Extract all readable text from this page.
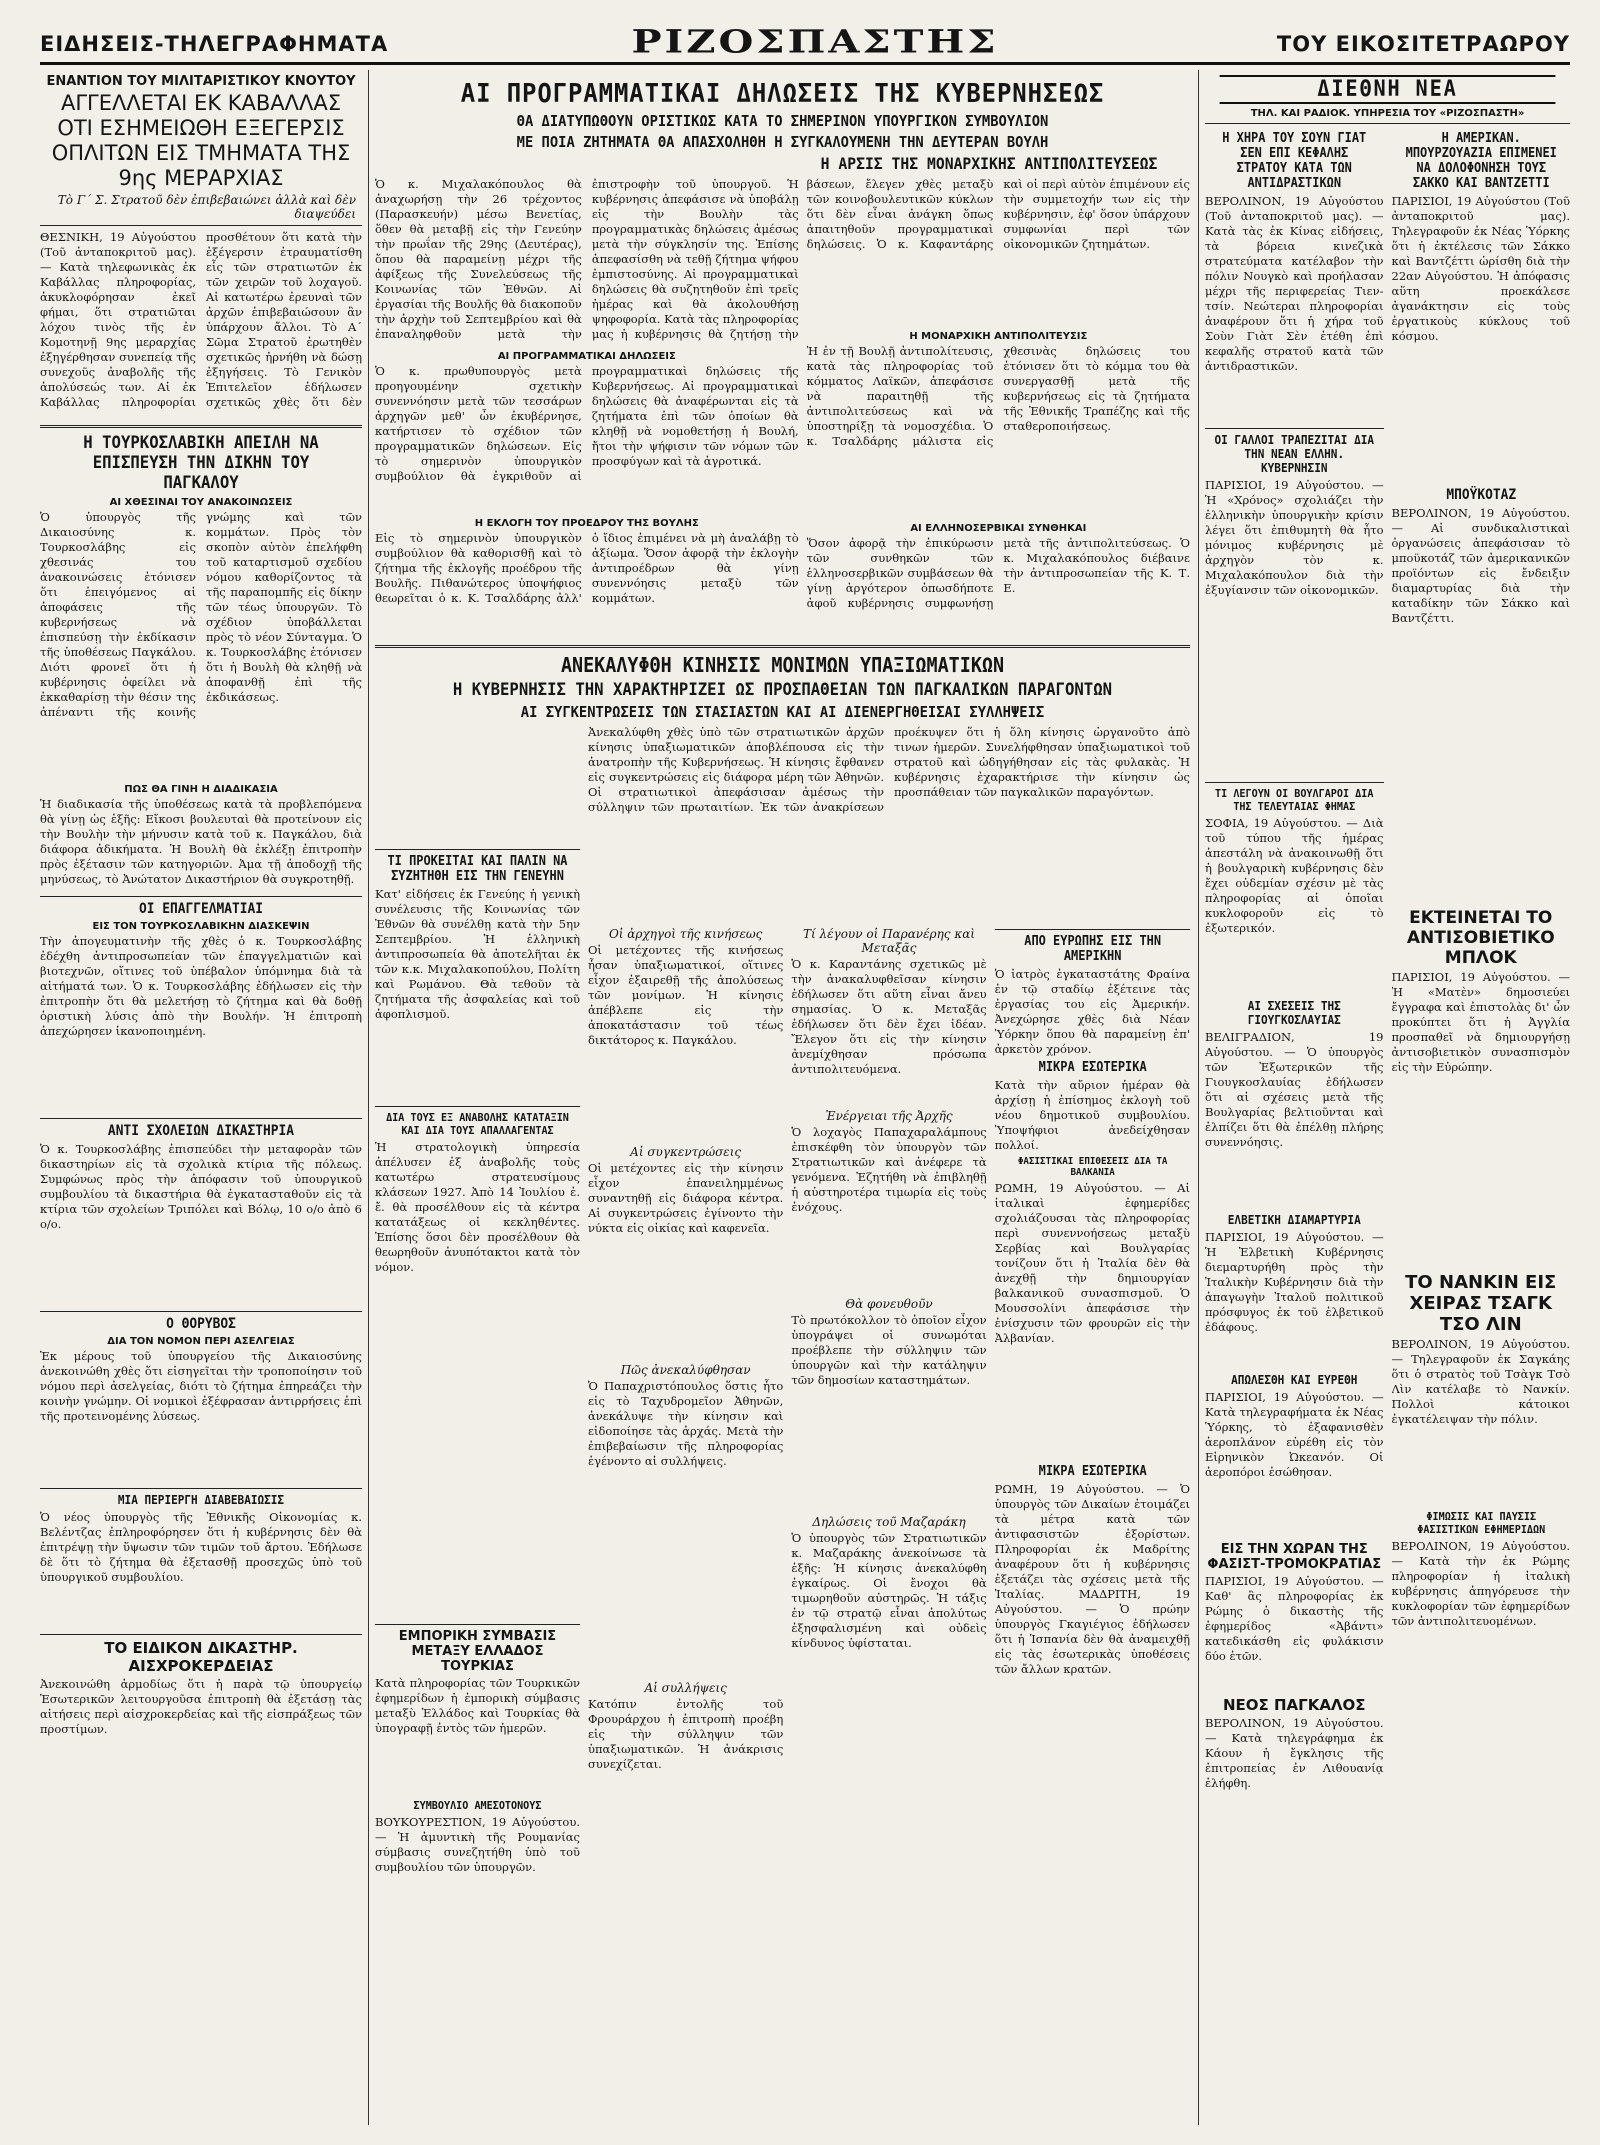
ΕΙΔΗΣΕΙΣ-ΤΗΛΕΓΡΑΦΗΜΑΤΑ	ΡΙΖΟΣΠΑΣΤΗΣ	ΤΟΥ ΕΙΚΟΣΙΤΕΤΡΑΩΡΟΥ
ΕΝΑΝΤΙΟΝ ΤΟΥ ΜΙΛΙΤΑΡΙΣΤΙΚΟΥ ΚΝΟΥΤΟΥ
ΑΓΓΕΛΛΕΤΑΙ ΕΚ ΚΑΒΑΛΛΑΣ ΟΤΙ ΕΣΗΜΕΙΩΘΗ ΕΞΕΓΕΡΣΙΣ ΟΠΛΙΤΩΝ ΕΙΣ ΤΜΗΜΑΤΑ ΤΗΣ 9ης ΜΕΡΑΡΧΙΑΣ
Τὸ Γ΄ Σ. Στρατοῦ δὲν ἐπιβεβαιώνει ἀλλὰ καὶ δὲν διαψεύδει

ΘΕΣΝΙΚΗ, 19 Αὐγούστου (Τοῦ ἀνταποκριτοῦ μας). — Κατὰ τηλεφωνικὰς ἐκ Καβάλλας πληροφορίας, ἀκυκλοφόρησαν ἐκεῖ φήμαι, ὅτι στρατιῶται λόχου τινὸς τῆς ἐν Κομοτηνῇ 9ης μεραρχίας ἐξηγέρθησαν συνεπείᾳ τῆς συνεχοῦς ἀναβολῆς τῆς ἀπολύσεώς των. Αἱ ἐκ Καβάλλας πληροφορίαι προσθέτουν ὅτι κατὰ τὴν ἐξέγερσιν ἐτραυματίσθη εἷς τῶν στρατιωτῶν ἐκ τῶν χειρῶν τοῦ λοχαγοῦ. Αἱ κατωτέρω ἐρευναὶ τῶν ἀρχῶν ἐπιβεβαιώσουν ἂν ὑπάρχουν ἄλλοι. Τὸ Α΄ Σῶμα Στρατοῦ ἐρωτηθὲν σχετικῶς ἠρνήθη νὰ δώσῃ ἐξηγήσεις. Τὸ Γενικὸν Ἐπιτελεῖον ἐδήλωσεν σχετικῶς χθὲς ὅτι δὲν

Η ΤΟΥΡΚΟΣΛΑΒΙΚΗ ΑΠΕΙΛΗ ΝΑ ΕΠΙΣΠΕΥΣΗ ΤΗΝ ΔΙΚΗΝ ΤΟΥ ΠΑΓΚΑΛΟΥ
ΑΙ ΧΘΕΣΙΝΑΙ ΤΟΥ ΑΝΑΚΟΙΝΩΣΕΙΣ

Ὁ ὑπουργὸς τῆς Δικαιοσύνης κ. Τουρκοσλάβης εἰς χθεσινάς του ἀνακοινώσεις ἐτόνισεν ὅτι ἐπειγόμενος αἱ ἀποφάσεις τῆς κυβερνήσεως νὰ ἐπισπεύσῃ τὴν ἐκδίκασιν τῆς ὑποθέσεως Παγκάλου. Διότι φρονεῖ ὅτι ἡ κυβέρνησις ὀφείλει νὰ ἐκκαθαρίσῃ τὴν θέσιν της ἀπέναντι τῆς κοινῆς γνώμης καὶ τῶν κομμάτων. Πρὸς τὸν σκοπὸν αὐτὸν ἐπελήφθη τοῦ καταρτισμοῦ σχεδίου νόμου καθορίζοντος τὰ τῆς παραπομπῆς εἰς δίκην τῶν τέως ὑπουργῶν. Τὸ σχέδιον ὑποβάλλεται πρὸς τὸ νέον Σύνταγμα. Ὁ κ. Τουρκοσλάβης ἐτόνισεν ὅτι ἡ Βουλὴ θὰ κληθῇ νὰ ἀποφανθῇ ἐπὶ τῆς ἐκδικάσεως.

ΠΩΣ ΘΑ ΓΙΝΗ Η ΔΙΑΔΙΚΑΣΙΑ

Ἡ διαδικασία τῆς ὑποθέσεως κατὰ τὰ προβλεπόμενα θὰ γίνῃ ὡς ἑξῆς: Εἴκοσι βουλευταὶ θὰ προτείνουν εἰς τὴν Βουλὴν τὴν μήνυσιν κατὰ τοῦ κ. Παγκάλου, διὰ διάφορα ἀδικήματα. Ἡ Βουλὴ θὰ ἐκλέξῃ ἐπιτροπὴν πρὸς ἐξέτασιν τῶν κατηγοριῶν. Ἀμα τῇ ἀποδοχῇ τῆς μηνύσεως, τὸ Ἀνώτατον Δικαστήριον θὰ συγκροτηθῇ.

ΟΙ ΕΠΑΓΓΕΛΜΑΤΙΑΙ
ΕΙΣ ΤΟΝ ΤΟΥΡΚΟΣΛΑΒΙΚΗΝ ΔΙΑΣΚΕΨΙΝ

Τὴν ἀπογευματινὴν τῆς χθὲς ὁ κ. Τουρκοσλάβης ἐδέχθη ἀντιπροσωπείαν τῶν ἐπαγγελματιῶν καὶ βιοτεχνῶν, οἵτινες τοῦ ὑπέβαλον ὑπόμνημα διὰ τὰ αἰτήματά των. Ὁ κ. Τουρκοσλάβης ἐδήλωσεν εἰς τὴν ἐπιτροπὴν ὅτι θὰ μελετήσῃ τὸ ζήτημα καὶ θὰ δοθῇ ὁριστικὴ λύσις ἀπὸ τὴν Βουλήν. Ἡ ἐπιτροπὴ ἀπεχώρησεν ἱκανοποιημένη.

ΑΝΤΙ ΣΧΟΛΕΙΩΝ ΔΙΚΑΣΤΗΡΙΑ

Ὁ κ. Τουρκοσλάβης ἐπισπεύδει τὴν μεταφορὰν τῶν δικαστηρίων εἰς τὰ σχολικὰ κτίρια τῆς πόλεως. Συμφώνως πρὸς τὴν ἀπόφασιν τοῦ ὑπουργικοῦ συμβουλίου τὰ δικαστήρια θὰ ἐγκατασταθοῦν εἰς τὰ κτίρια τῶν σχολείων Τριπόλει καὶ Βόλῳ, 10 ο/ο ἀπὸ 6 ο/ο.

Ο ΘΟΡΥΒΟΣ
ΔΙΑ ΤΟΝ ΝΟΜΟΝ ΠΕΡΙ ΑΣΕΛΓΕΙΑΣ

Ἐκ μέρους τοῦ ὑπουργείου τῆς Δικαιοσύνης ἀνεκοινώθη χθὲς ὅτι εἰσηγεῖται τὴν τροποποίησιν τοῦ νόμου περὶ ἀσελγείας, διότι τὸ ζήτημα ἐπηρεάζει τὴν κοινὴν γνώμην. Οἱ νομικοὶ ἐξέφρασαν ἀντιρρήσεις ἐπὶ τῆς προτεινομένης λύσεως.

ΜΙΑ ΠΕΡΙΕΡΓΗ ΔΙΑΒΕΒΑΙΩΣΙΣ

Ὁ νέος ὑπουργὸς τῆς Ἐθνικῆς Οἰκονομίας κ. Βελέντζας ἐπληροφόρησεν ὅτι ἡ κυβέρνησις δὲν θὰ ἐπιτρέψῃ τὴν ὕψωσιν τῶν τιμῶν τοῦ ἄρτου. Ἐδήλωσε δὲ ὅτι τὸ ζήτημα θὰ ἐξετασθῇ προσεχῶς ὑπὸ τοῦ ὑπουργικοῦ συμβουλίου.

ΤΟ ΕΙΔΙΚΟΝ ΔΙΚΑΣΤΗΡ. ΑΙΣΧΡΟΚΕΡΔΕΙΑΣ

Ἀνεκοινώθη ἁρμοδίως ὅτι ἡ παρὰ τῷ ὑπουργείῳ Ἐσωτερικῶν λειτουργοῦσα ἐπιτροπὴ θὰ ἐξετάσῃ τὰς αἰτήσεις περὶ αἰσχροκερδείας καὶ τῆς εἰσπράξεως τῶν προστίμων.

ΑΙ ΠΡΟΓΡΑΜΜΑΤΙΚΑΙ ΔΗΛΩΣΕΙΣ ΤΗΣ ΚΥΒΕΡΝΗΣΕΩΣ
ΘΑ ΔΙΑΤΥΠΩΘΟΥΝ ΟΡΙΣΤΙΚΩΣ ΚΑΤΑ ΤΟ ΣΗΜΕΡΙΝΟΝ ΥΠΟΥΡΓΙΚΟΝ ΣΥΜΒΟΥΛΙΟΝ
ΜΕ ΠΟΙΑ ΖΗΤΗΜΑΤΑ ΘΑ ΑΠΑΣΧΟΛΗΘΗ Η ΣΥΓΚΑΛΟΥΜΕΝΗ ΤΗΝ ΔΕΥΤΕΡΑΝ ΒΟΥΛΗ
Η ΑΡΣΙΣ ΤΗΣ ΜΟΝΑΡΧΙΚΗΣ ΑΝΤΙΠΟΛΙΤΕΥΣΕΩΣ

Ὁ κ. Μιχαλακόπουλος θὰ ἀναχωρήσῃ τὴν 26 τρέχοντος (Παρασκευήν) μέσω Βενετίας, ὅθεν θὰ μεταβῇ εἰς τὴν Γενεύην τὴν πρωΐαν τῆς 29ης (Δευτέρας), ὅπου θὰ παραμείνῃ μέχρι τῆς ἀφίξεως τῆς Συνελεύσεως τῆς Κοινωνίας τῶν Ἐθνῶν. Αἱ ἐργασίαι τῆς Βουλῆς θὰ διακοποῦν τὴν ἀρχὴν τοῦ Σεπτεμβρίου καὶ θὰ ἐπαναληφθοῦν μετὰ τὴν ἐπιστροφὴν τοῦ ὑπουργοῦ. Ἡ κυβέρνησις ἀπεφάσισε νὰ ὑποβάλῃ εἰς τὴν Βουλὴν τὰς προγραμματικὰς δηλώσεις ἀμέσως μετὰ τὴν σύγκλησίν της. Ἐπίσης ἀπεφασίσθη νὰ τεθῇ ζήτημα ψήφου ἐμπιστοσύνης. Αἱ προγραμματικαὶ δηλώσεις θὰ συζητηθοῦν ἐπὶ τρεῖς ἡμέρας καὶ θὰ ἀκολουθήσῃ ψηφοφορία. Κατὰ τὰς πληροφορίας μας ἡ κυβέρνησις θὰ ζητήσῃ τὴν

ΑΙ ΠΡΟΓΡΑΜΜΑΤΙΚΑΙ ΔΗΛΩΣΕΙΣ

Ὁ κ. πρωθυπουργὸς μετὰ προηγουμένην σχετικὴν συνεννόησιν μετὰ τῶν τεσσάρων ἀρχηγῶν μεθ' ὧν ἐκυβέρνησε, κατήρτισεν τὸ σχέδιον τῶν προγραμματικῶν δηλώσεων. Εἰς τὸ σημερινὸν ὑπουργικὸν συμβούλιον θὰ ἐγκριθοῦν αἱ προγραμματικαὶ δηλώσεις τῆς Κυβερνήσεως. Αἱ προγραμματικαὶ δηλώσεις θὰ ἀναφέρωνται εἰς τὰ ζητήματα ἐπὶ τῶν ὁποίων θὰ κληθῇ νὰ νομοθετήσῃ ἡ Βουλή, ἤτοι τὴν ψήφισιν τῶν νόμων τῶν προσφύγων καὶ τὰ ἀγροτικά.

Η ΕΚΛΟΓΗ ΤΟΥ ΠΡΟΕΔΡΟΥ ΤΗΣ ΒΟΥΛΗΣ

Εἰς τὸ σημερινὸν ὑπουργικὸν συμβούλιον θὰ καθορισθῇ καὶ τὸ ζήτημα τῆς ἐκλογῆς προέδρου τῆς Βουλῆς. Πιθανώτερος ὑποψήφιος θεωρεῖται ὁ κ. Κ. Τσαλδάρης ἀλλ' ὁ ἴδιος ἐπιμένει νὰ μὴ ἀναλάβῃ τὸ ἀξίωμα. Ὅσον ἀφορᾷ τὴν ἐκλογὴν ἀντιπροέδρων θὰ γίνῃ συνεννόησις μεταξὺ τῶν κομμάτων.

βάσεων, ἔλεγεν χθὲς μεταξὺ τῶν κοινοβουλευτικῶν κύκλων ὅτι δὲν εἶναι ἀνάγκη ὅπως ἀπαιτηθοῦν προγραμματικαὶ δηλώσεις. Ὁ κ. Καφαντάρης καὶ οἱ περὶ αὐτὸν ἐπιμένουν εἰς τὴν συμμετοχήν των εἰς τὴν κυβέρνησιν, ἐφ' ὅσον ὑπάρχουν συμφωνίαι περὶ τῶν οἰκονομικῶν ζητημάτων.

Η ΜΟΝΑΡΧΙΚΗ ΑΝΤΙΠΟΛΙΤΕΥΣΙΣ

Ἡ ἐν τῇ Βουλῇ ἀντιπολίτευσις, κατὰ τὰς πληροφορίας τοῦ κόμματος Λαϊκῶν, ἀπεφάσισε νὰ παραιτηθῇ τῆς ἀντιπολιτεύσεως καὶ νὰ ὑποστηρίξῃ τὰ νομοσχέδια. Ὁ κ. Τσαλδάρης μάλιστα εἰς χθεσινὰς δηλώσεις του ἐτόνισεν ὅτι τὸ κόμμα του θὰ συνεργασθῇ μετὰ τῆς κυβερνήσεως εἰς τὰ ζητήματα τῆς Ἐθνικῆς Τραπέζης καὶ τῆς σταθεροποιήσεως.

ΑΙ ΕΛΛΗΝΟΣΕΡΒΙΚΑΙ ΣΥΝΘΗΚΑΙ

Ὅσον ἀφορᾷ τὴν ἐπικύρωσιν τῶν συνθηκῶν τῶν ἑλληνοσερβικῶν συμβάσεων θὰ γίνῃ ἀργότερον ὁπωσδήποτε ἀφοῦ κυβέρνησις συμφωνήσῃ μετὰ τῆς ἀντιπολιτεύσεως. Ὁ κ. Μιχαλακόπουλος διέβαινε τὴν ἀντιπροσωπείαν τῆς Κ. Τ. Ε.

ΑΝΕΚΑΛΥΦΘΗ ΚΙΝΗΣΙΣ ΜΟΝΙΜΩΝ ΥΠΑΞΙΩΜΑΤΙΚΩΝ
Η ΚΥΒΕΡΝΗΣΙΣ ΤΗΝ ΧΑΡΑΚΤΗΡΙΖΕΙ ΩΣ ΠΡΟΣΠΑΘΕΙΑΝ ΤΩΝ ΠΑΓΚΑΛΙΚΩΝ ΠΑΡΑΓΟΝΤΩΝ
ΑΙ ΣΥΓΚΕΝΤΡΩΣΕΙΣ ΤΩΝ ΣΤΑΣΙΑΣΤΩΝ ΚΑΙ ΑΙ ΔΙΕΝΕΡΓΗΘΕΙΣΑΙ ΣΥΛΛΗΨΕΙΣ

ΤΙ ΠΡΟΚΕΙΤΑΙ ΚΑΙ ΠΑΛΙΝ ΝΑ ΣΥΖΗΤΗΘΗ ΕΙΣ ΤΗΝ ΓΕΝΕΥΗΝ

Κατ' εἰδήσεις ἐκ Γενεύης ἡ γενικὴ συνέλευσις τῆς Κοινωνίας τῶν Ἐθνῶν θὰ συνέλθῃ κατὰ τὴν 5ην Σεπτεμβρίου. Ἡ ἑλληνικὴ ἀντιπροσωπεία θὰ ἀποτελῆται ἐκ τῶν κ.κ. Μιχαλακοπούλου, Πολίτη καὶ Ρωμάνου. Θὰ τεθοῦν τὰ ζητήματα τῆς ἀσφαλείας καὶ τοῦ ἀφοπλισμοῦ.

ΔΙΑ ΤΟΥΣ ΕΞ ΑΝΑΒΟΛΗΣ ΚΑΤΑΤΑΞΙΝ ΚΑΙ ΔΙΑ ΤΟΥΣ ΑΠΑΛΛΑΓΕΝΤΑΣ

Ἡ στρατολογικὴ ὑπηρεσία ἀπέλυσεν ἐξ ἀναβολῆς τοὺς κατωτέρω στρατευσίμους κλάσεων 1927. Ἀπὸ 14 Ἰουλίου ἐ. ἔ. θὰ προσέλθουν εἰς τὰ κέντρα κατατάξεως οἱ κεκληθέντες. Ἐπίσης ὅσοι δὲν προσέλθουν θὰ θεωρηθοῦν ἀνυπότακτοι κατὰ τὸν νόμον.

ΕΜΠΟΡΙΚΗ ΣΥΜΒΑΣΙΣ ΜΕΤΑΞΥ ΕΛΛΑΔΟΣ ΤΟΥΡΚΙΑΣ

Κατὰ πληροφορίας τῶν Τουρκικῶν ἐφημερίδων ἡ ἐμπορικὴ σύμβασις μεταξὺ Ἑλλάδος καὶ Τουρκίας θὰ ὑπογραφῇ ἐντὸς τῶν ἡμερῶν.

ΣΥΜΒΟΥΛΙΟ ΑΜΕΣΟΤΟΝΟΥΣ

ΒΟΥΚΟΥΡΕΣΤΙΟΝ, 19 Αὐγούστου. — Ἡ ἀμυντικὴ τῆς Ρουμανίας σύμβασις συνεζητήθη ὑπὸ τοῦ συμβουλίου τῶν ὑπουργῶν.

Ἀνεκαλύφθη χθὲς ὑπὸ τῶν στρατιωτικῶν ἀρχῶν κίνησις ὑπαξιωματικῶν ἀποβλέπουσα εἰς τὴν ἀνατροπὴν τῆς Κυβερνήσεως. Ἡ κίνησις ἔφθανεν εἰς συγκεντρώσεις εἰς διάφορα μέρη τῶν Ἀθηνῶν. Οἱ στρατιωτικοὶ ἀπεφάσισαν ἀμέσως τὴν σύλληψιν τῶν πρωταιτίων. Ἐκ τῶν ἀνακρίσεων προέκυψεν ὅτι ἡ ὅλη κίνησις ὠργανοῦτο ἀπὸ τινων ἡμερῶν. Συνελήφθησαν ὑπαξιωματικοὶ τοῦ στρατοῦ καὶ ὡδηγήθησαν εἰς τὰς φυλακὰς. Ἡ κυβέρνησις ἐχαρακτήρισε τὴν κίνησιν ὡς προσπάθειαν τῶν παγκαλικῶν παραγόντων.

Οἱ ἀρχηγοὶ τῆς κινήσεως

Οἱ μετέχοντες τῆς κινήσεως ἦσαν ὑπαξιωματικοί, οἵτινες εἶχον ἐξαιρεθῇ τῆς ἀπολύσεως τῶν μονίμων. Ἡ κίνησις ἀπέβλεπε εἰς τὴν ἀποκατάστασιν τοῦ τέως δικτάτορος κ. Παγκάλου.

Αἱ συγκεντρώσεις

Οἱ μετέχοντες εἰς τὴν κίνησιν εἶχον ἐπανειλημμένως συναντηθῇ εἰς διάφορα κέντρα. Αἱ συγκεντρώσεις ἐγίνοντο τὴν νύκτα εἰς οἰκίας καὶ καφενεῖα.

Πῶς ἀνεκαλύφθησαν

Ὁ Παπαχριστόπουλος ὅστις ἦτο εἰς τὸ Ταχυδρομεῖον Ἀθηνῶν, ἀνεκάλυψε τὴν κίνησιν καὶ εἰδοποίησε τὰς ἀρχάς. Μετὰ τὴν ἐπιβεβαίωσιν τῆς πληροφορίας ἐγένοντο αἱ συλλήψεις.

Αἱ συλλήψεις

Κατόπιν ἐντολῆς τοῦ Φρουράρχου ἡ ἐπιτροπὴ προέβη εἰς τὴν σύλληψιν τῶν ὑπαξιωματικῶν. Ἡ ἀνάκρισις συνεχίζεται.

Τί λέγουν οἱ Παρανέρης καὶ Μεταξᾶς

Ὁ κ. Καραντάνης σχετικῶς μὲ τὴν ἀνακαλυφθεῖσαν κίνησιν ἐδήλωσεν ὅτι αὕτη εἶναι ἄνευ σημασίας. Ὁ κ. Μεταξᾶς ἐδήλωσεν ὅτι δὲν ἔχει ἰδέαν. Ἔλεγον ὅτι εἰς τὴν κίνησιν ἀνεμίχθησαν πρόσωπα ἀντιπολιτευόμενα.

Ἐνέργειαι τῆς Ἀρχῆς

Ὁ λοχαγὸς Παπαχαραλάμπους ἐπισκέφθη τὸν ὑπουργὸν τῶν Στρατιωτικῶν καὶ ἀνέφερε τὰ γενόμενα. Ἐζητήθη νὰ ἐπιβληθῇ ἡ αὐστηροτέρα τιμωρία εἰς τοὺς ἐνόχους.

Θὰ φονευθοῦν

Τὸ πρωτόκολλον τὸ ὁποῖον εἶχον ὑπογράψει οἱ συνωμόται προέβλεπε τὴν σύλληψιν τῶν ὑπουργῶν καὶ τὴν κατάληψιν τῶν δημοσίων καταστημάτων.

Δηλώσεις τοῦ Μαζαράκη

Ὁ ὑπουργὸς τῶν Στρατιωτικῶν κ. Μαζαράκης ἀνεκοίνωσε τὰ ἑξῆς: Ἡ κίνησις ἀνεκαλύφθη ἐγκαίρως. Οἱ ἔνοχοι θὰ τιμωρηθοῦν αὐστηρῶς. Ἡ τάξις ἐν τῷ στρατῷ εἶναι ἀπολύτως ἐξησφαλισμένη καὶ οὐδεὶς κίνδυνος ὑφίσταται.

ΑΠΟ ΕΥΡΩΠΗΣ ΕΙΣ ΤΗΝ ΑΜΕΡΙΚΗΝ

Ὁ ἰατρὸς ἐγκαταστάτης Φραίνα ἐν τῷ σταδίῳ ἐξέτεινε τὰς ἐργασίας του εἰς Ἀμερικήν. Ἀνεχώρησε χθὲς διὰ Νέαν Ὑόρκην ὅπου θὰ παραμείνῃ ἐπ' ἀρκετὸν χρόνον.

ΜΙΚΡΑ ΕΣΩΤΕΡΙΚΑ

Κατὰ τὴν αὔριον ἡμέραν θὰ ἀρχίσῃ ἡ ἐπίσημος ἐκλογὴ τοῦ νέου δημοτικοῦ συμβουλίου. Ὑποψήφιοι ἀνεδείχθησαν πολλοί.

ΦΑΣΙΣΤΙΚΑΙ ΕΠΙΘΕΣΕΙΣ ΔΙΑ ΤΑ ΒΑΛΚΑΝΙΑ

ΡΩΜΗ, 19 Αὐγούστου. — Αἱ ἰταλικαὶ ἐφημερίδες σχολιάζουσαι τὰς πληροφορίας περὶ συνεννοήσεως μεταξὺ Σερβίας καὶ Βουλγαρίας τονίζουν ὅτι ἡ Ἰταλία δὲν θὰ ἀνεχθῇ τὴν δημιουργίαν βαλκανικοῦ συνασπισμοῦ. Ὁ Μουσσολίνι ἀπεφάσισε τὴν ἐνίσχυσιν τῶν φρουρῶν εἰς τὴν Ἀλβανίαν.

ΜΙΚΡΑ ΕΣΩΤΕΡΙΚΑ

ΡΩΜΗ, 19 Αὐγούστου. — Ὁ ὑπουργὸς τῶν Δικαίων ἐτοιμάζει τὰ μέτρα κατὰ τῶν ἀντιφασιστῶν ἐξορίστων. Πληροφορίαι ἐκ Μαδρίτης ἀναφέρουν ὅτι ἡ κυβέρνησις ἐξετάζει τὰς σχέσεις μετὰ τῆς Ἰταλίας. ΜΑΔΡΙΤΗ, 19 Αὐγούστου. — Ὁ πρώην ὑπουργὸς Γκαγιέγιος ἐδήλωσεν ὅτι ἡ Ἱσπανία δὲν θὰ ἀναμειχθῇ εἰς τὰς ἐσωτερικὰς ὑποθέσεις τῶν ἄλλων κρατῶν.

ΔΙΕΘΝΗ ΝΕΑ
ΤΗΛ. ΚΑΙ ΡΑΔΙΟΚ. ΥΠΗΡΕΣΙΑ ΤΟΥ «ΡΙΖΟΣΠΑΣΤΗ»
Η ΧΗΡΑ ΤΟΥ ΣΟΥΝ ΓΙΑΤ ΣΕΝ ΕΠΙ ΚΕΦΑΛΗΣ ΣΤΡΑΤΟΥ ΚΑΤΑ ΤΩΝ ΑΝΤΙΔΡΑΣΤΙΚΩΝ

ΒΕΡΟΛΙΝΟΝ, 19 Αὐγούστου (Τοῦ ἀνταποκριτοῦ μας). — Κατὰ τὰς ἐκ Κίνας εἰδήσεις, τὰ βόρεια κινεζικὰ στρατεύματα κατέλαβον τὴν πόλιν Νουγκὸ καὶ προήλασαν μέχρι τῆς περιφερείας Τιεν-τσίν. Νεώτεραι πληροφορίαι ἀναφέρουν ὅτι ἡ χήρα τοῦ Σοὺν Γιὰτ Σὲν ἐτέθη ἐπὶ κεφαλῆς στρατοῦ κατὰ τῶν ἀντιδραστικῶν.

ΟΙ ΓΑΛΛΟΙ ΤΡΑΠΕΖΙΤΑΙ ΔΙΑ ΤΗΝ ΝΕΑΝ ΕΛΛΗΝ. ΚΥΒΕΡΝΗΣΙΝ

ΠΑΡΙΣΙΟΙ, 19 Αὐγούστου. — Ἡ «Χρόνος» σχολιάζει τὴν ἑλληνικὴν ὑπουργικὴν κρίσιν λέγει ὅτι ἐπιθυμητὴ θὰ ἦτο μόνιμος κυβέρνησις μὲ ἀρχηγὸν τὸν κ. Μιχαλακόπουλον διὰ τὴν ἐξυγίανσιν τῶν οἰκονομικῶν.

ΤΙ ΛΕΓΟΥΝ ΟΙ ΒΟΥΛΓΑΡΟΙ ΔΙΑ ΤΗΣ ΤΕΛΕΥΤΑΙΑΣ ΦΗΜΑΣ

ΣΟΦΙΑ, 19 Αὐγούστου. — Διὰ τοῦ τύπου τῆς ἡμέρας ἀπεστάλη νὰ ἀνακοινωθῇ ὅτι ἡ βουλγαρικὴ κυβέρνησις δὲν ἔχει οὐδεμίαν σχέσιν μὲ τὰς πληροφορίας αἱ ὁποῖαι κυκλοφοροῦν εἰς τὸ ἐξωτερικόν.

ΑΙ ΣΧΕΣΕΙΣ ΤΗΣ ΓΙΟΥΓΚΟΣΛΑΥΙΑΣ

ΒΕΛΙΓΡΑΔΙΟΝ, 19 Αὐγούστου. — Ὁ ὑπουργὸς τῶν Ἐξωτερικῶν τῆς Γιουγκοσλαυίας ἐδήλωσεν ὅτι αἱ σχέσεις μετὰ τῆς Βουλγαρίας βελτιοῦνται καὶ ἐλπίζει ὅτι θὰ ἐπέλθῃ πλήρης συνεννόησις.

ΕΛΒΕΤΙΚΗ ΔΙΑΜΑΡΤΥΡΙΑ

ΠΑΡΙΣΙΟΙ, 19 Αὐγούστου. — Ἡ Ἑλβετικὴ Κυβέρνησις διεμαρτυρήθη πρὸς τὴν Ἰταλικὴν Κυβέρνησιν διὰ τὴν ἀπαγωγὴν Ἰταλοῦ πολιτικοῦ πρόσφυγος ἐκ τοῦ ἑλβετικοῦ ἐδάφους.

ΑΠΩΛΕΣΘΗ ΚΑΙ ΕΥΡΕΘΗ

ΠΑΡΙΣΙΟΙ, 19 Αὐγούστου. — Κατὰ τηλεγραφήματα ἐκ Νέας Ὑόρκης, τὸ ἐξαφανισθὲν ἀεροπλάνον εὑρέθη εἰς τὸν Εἰρηνικὸν Ὠκεανόν. Οἱ ἀεροπόροι ἐσώθησαν.

ΕΙΣ ΤΗΝ ΧΩΡΑΝ ΤΗΣ ΦΑΣΙΣΤ-ΤΡΟΜΟΚΡΑΤΙΑΣ

ΠΑΡΙΣΙΟΙ, 19 Αὐγούστου. — Καθ' ἃς πληροφορίας ἐκ Ρώμης ὁ δικαστὴς τῆς ἐφημερίδος «Ἀβάντι» κατεδικάσθη εἰς φυλάκισιν δύο ἐτῶν.

ΝΕΟΣ ΠΑΓΚΑΛΟΣ

ΒΕΡΟΛΙΝΟΝ, 19 Αὐγούστου. — Κατὰ τηλεγράφημα ἐκ Κάουν ἡ ἔγκλησις τῆς ἐπιτροπείας ἐν Λιθουανίᾳ ἐλήφθη.

Η ΑΜΕΡΙΚΑΝ. ΜΠΟΥΡΖΟΥΑΖΙΑ ΕΠΙΜΕΝΕΙ ΝΑ ΔΟΛΟΦΟΝΗΣΗ ΤΟΥΣ ΣΑΚΚΟ ΚΑΙ ΒΑΝΤΖΕΤΤΙ

ΠΑΡΙΣΙΟΙ, 19 Αὐγούστου (Τοῦ ἀνταποκριτοῦ μας). Τηλεγραφοῦν ἐκ Νέας Ὑόρκης ὅτι ἡ ἐκτέλεσις τῶν Σάκκο καὶ Βαντζέττι ὡρίσθη διὰ τὴν 22αν Αὐγούστου. Ἡ ἀπόφασις αὕτη προεκάλεσε ἀγανάκτησιν εἰς τοὺς ἐργατικοὺς κύκλους τοῦ κόσμου.

ΜΠΟΫΚΟΤΑΖ

ΒΕΡΟΛΙΝΟΝ, 19 Αὐγούστου. — Αἱ συνδικαλιστικαὶ ὀργανώσεις ἀπεφάσισαν τὸ μποϋκοτάζ τῶν ἀμερικανικῶν προϊόντων εἰς ἔνδειξιν διαμαρτυρίας διὰ τὴν καταδίκην τῶν Σάκκο καὶ Βαντζέττι.

ΕΚΤΕΙΝΕΤΑΙ ΤΟ ΑΝΤΙΣΟΒΙΕΤΙΚΟ ΜΠΛΟΚ

ΠΑΡΙΣΙΟΙ, 19 Αὐγούστου. — Ἡ «Ματὲν» δημοσιεύει ἔγγραφα καὶ ἐπιστολὰς δι' ὧν προκύπτει ὅτι ἡ Ἀγγλία προσπαθεῖ νὰ δημιουργήσῃ ἀντισοβιετικὸν συνασπισμὸν εἰς τὴν Εὐρώπην.

ΤΟ ΝΑΝΚΙΝ ΕΙΣ ΧΕΙΡΑΣ ΤΣΑΓΚ ΤΣΟ ΛΙΝ

ΒΕΡΟΛΙΝΟΝ, 19 Αὐγούστου. — Τηλεγραφοῦν ἐκ Σαγκάης ὅτι ὁ στρατὸς τοῦ Τσὰγκ Τσὸ Λὶν κατέλαβε τὸ Νανκίν. Πολλοὶ κάτοικοι ἐγκατέλειψαν τὴν πόλιν.

ΦΙΜΩΣΙΣ ΚΑΙ ΠΑΥΣΙΣ ΦΑΣΙΣΤΙΚΩΝ ΕΦΗΜΕΡΙΔΩΝ

ΒΕΡΟΛΙΝΟΝ, 19 Αὐγούστου. — Κατὰ τὴν ἐκ Ρώμης πληροφορίαν ἡ ἰταλικὴ κυβέρνησις ἀπηγόρευσε τὴν κυκλοφορίαν τῶν ἐφημερίδων τῶν ἀντιπολιτευομένων.
